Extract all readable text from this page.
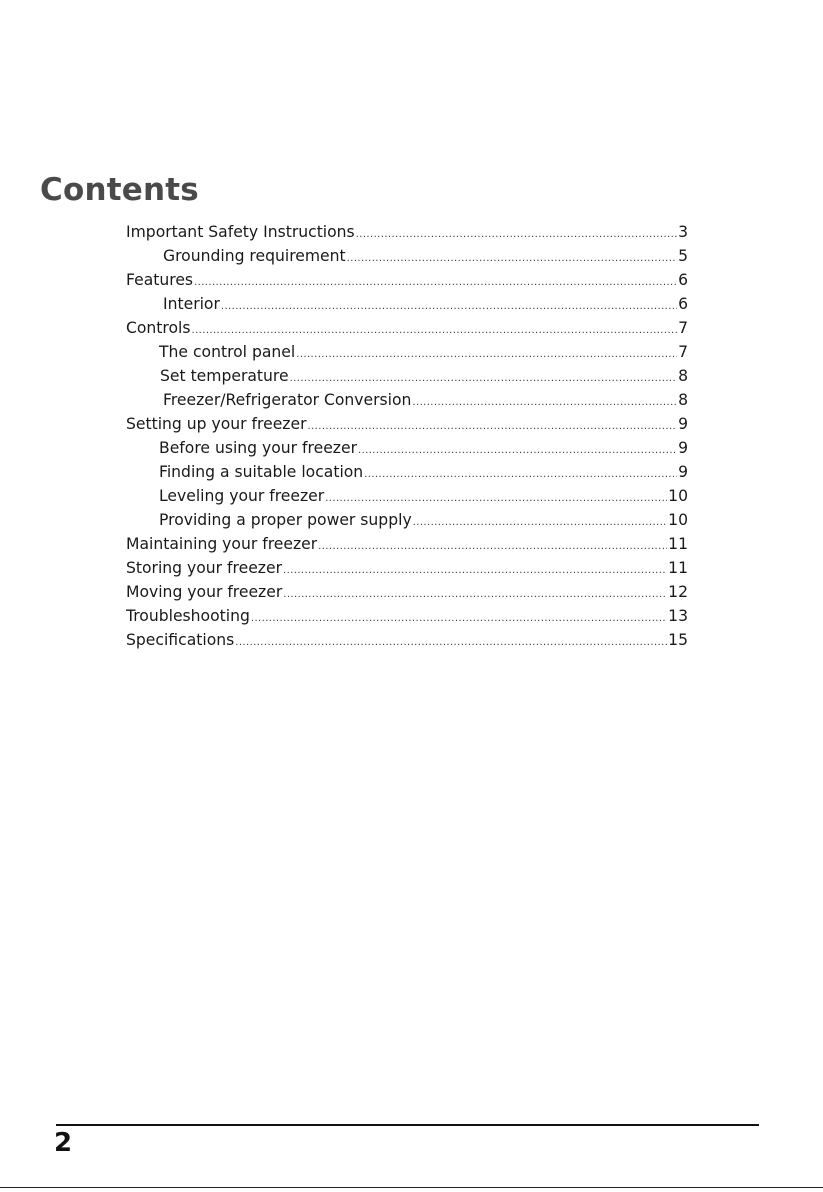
Contents
Important Safety Instructions .....	3
Grounding requirement .....	5
Features .....	6
Interior .....	6
Controls .....	7
The control panel .....	7
Set temperature .....	8
Freezer/Refrigerator Conversion .....	8
Setting up your freezer .....	9
Before using your freezer .....	9
Finding a suitable location .....	9
Leveling your freezer .....	10
Providing a proper power supply .....	10
Maintaining your freezer .....	11
Storing your freezer .....	11
Moving your freezer .....	12
Troubleshooting .....	13
Specifications .....	15
2
